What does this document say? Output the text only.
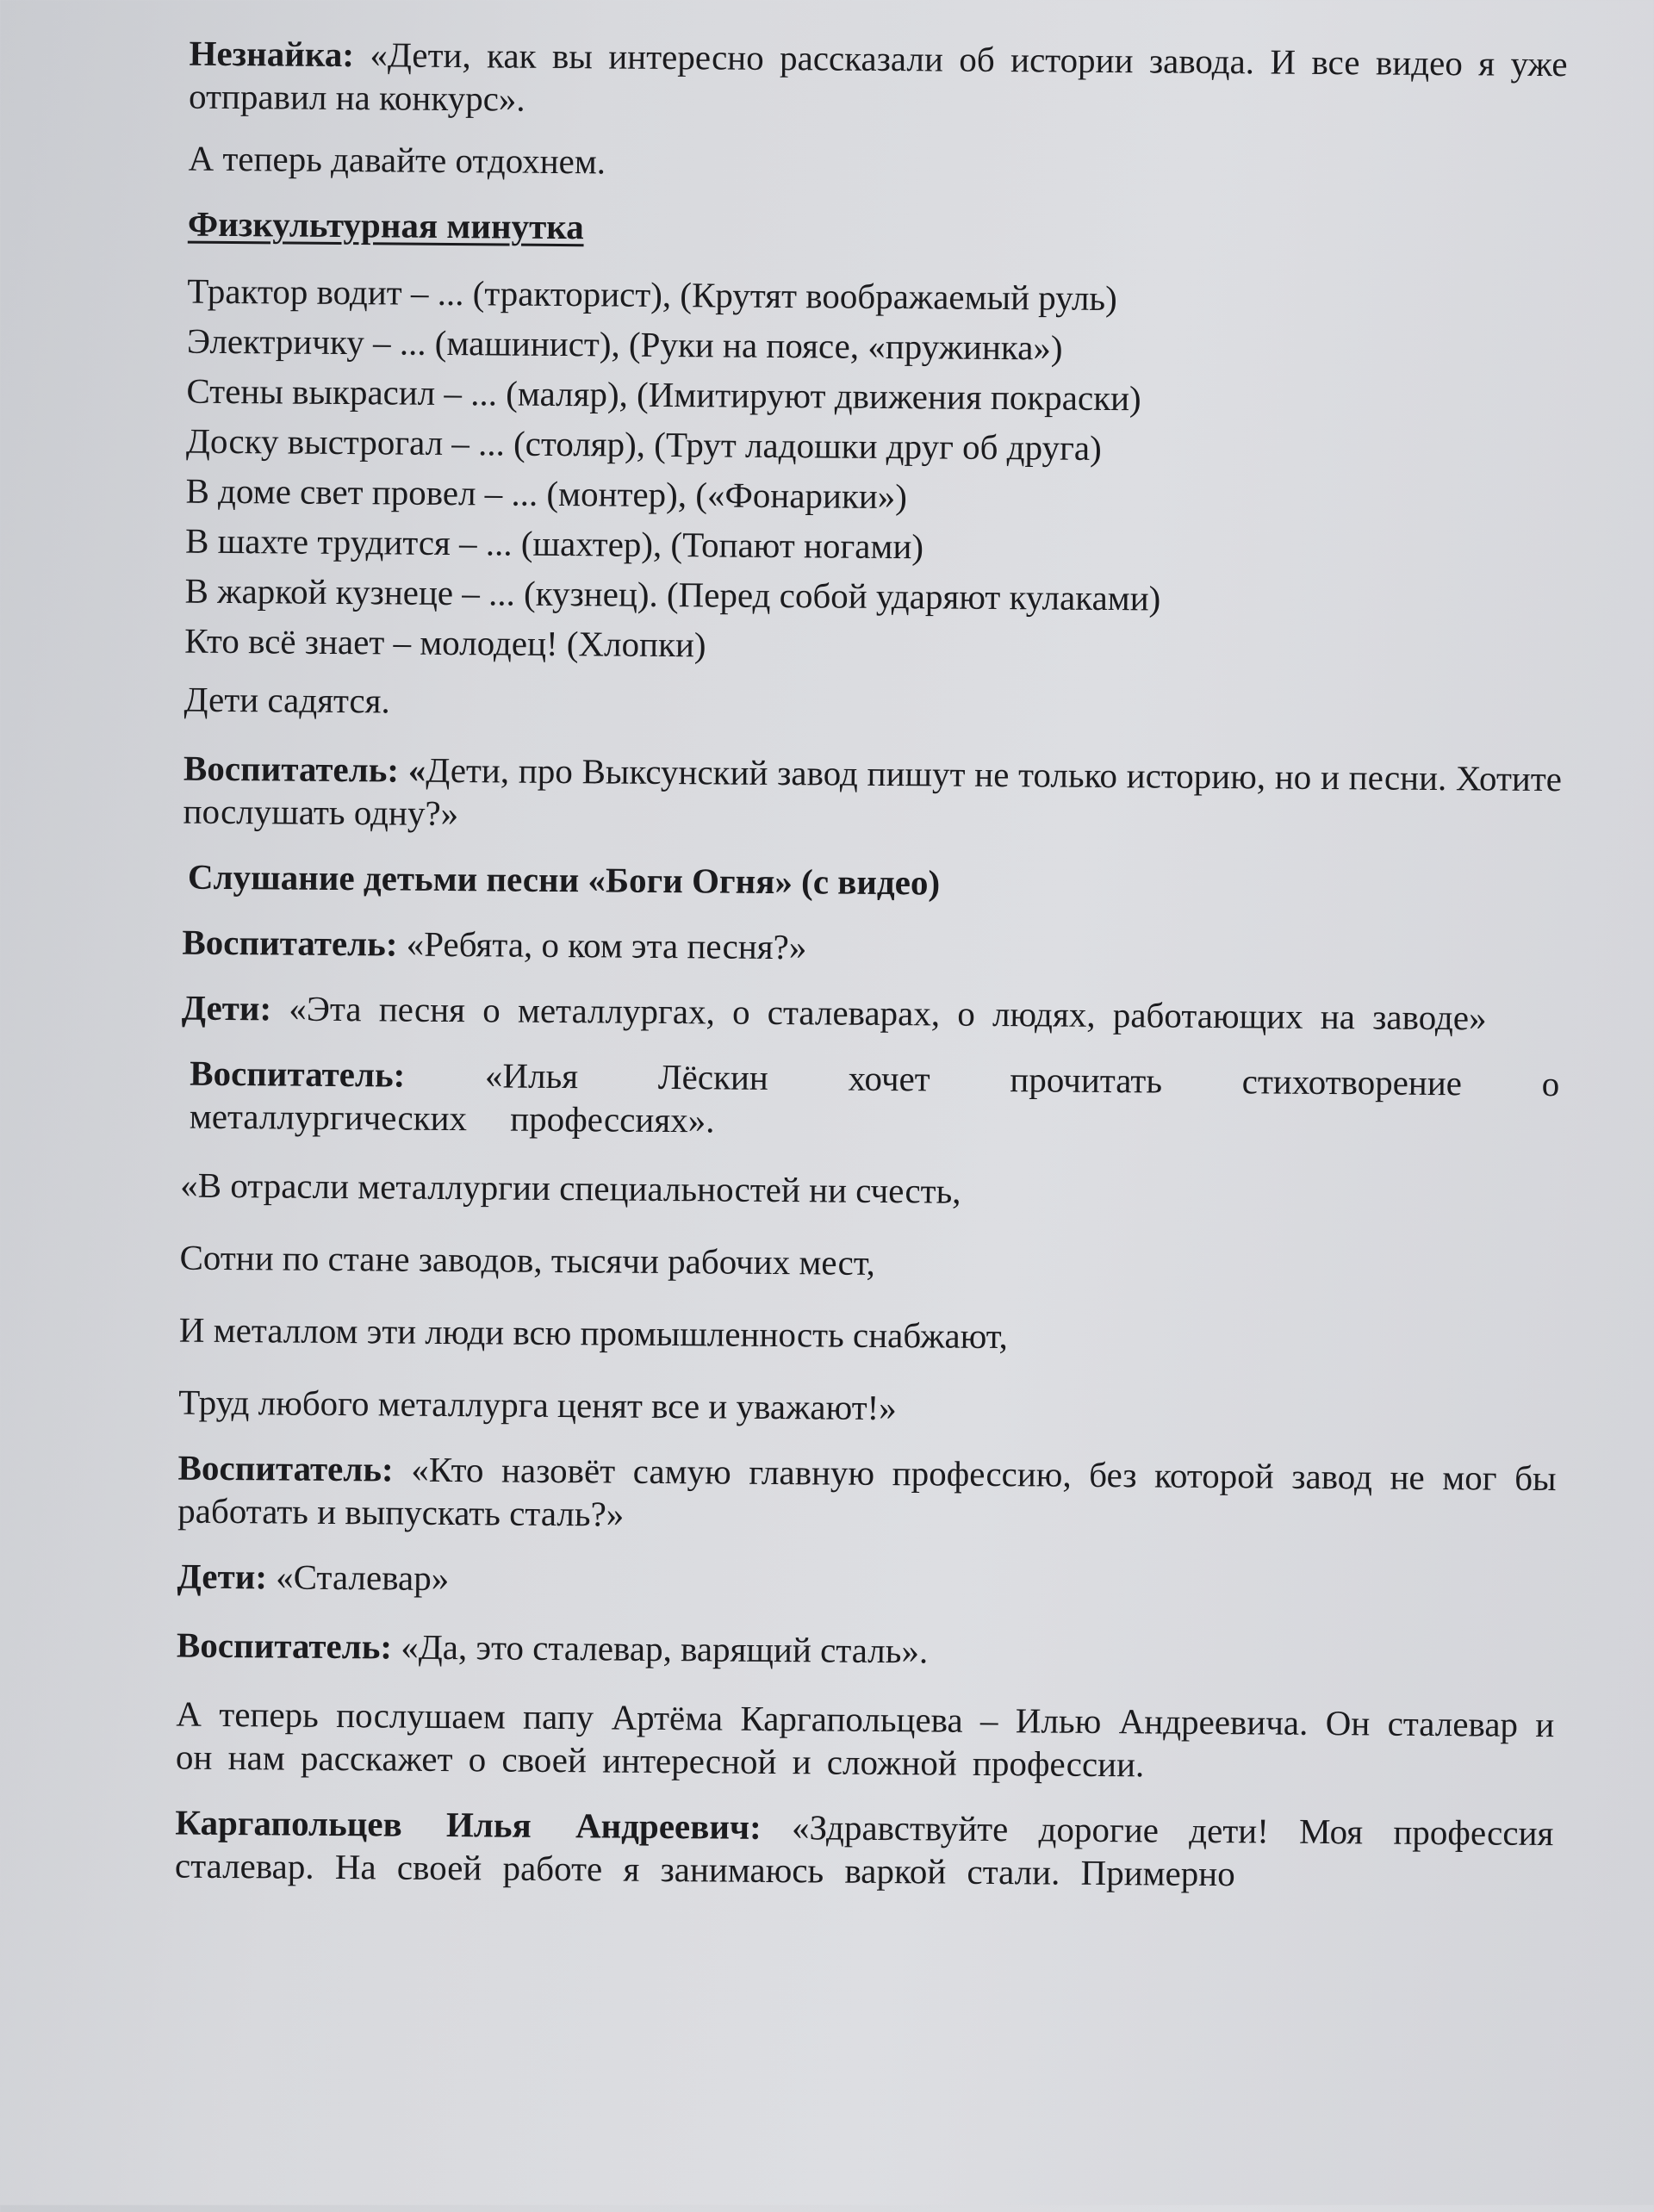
Незнайка: «Дети, как вы интересно рассказали об истории завода. И все видео я уже отправил на конкурс».

А теперь давайте отдохнем.

Физкультурная минутка

Трактор водит – ... (тракторист), (Крутят воображаемый руль)

Электричку – ... (машинист), (Руки на поясе, «пружинка»)

Стены выкрасил – ... (маляр), (Имитируют движения покраски)

Доску выстрогал – ... (столяр), (Трут ладошки друг об друга)

В доме свет провел – ... (монтер), («Фонарики»)

В шахте трудится – ... (шахтер), (Топают ногами)

В жаркой кузнеце – ... (кузнец). (Перед собой ударяют кулаками)

Кто всё знает – молодец! (Хлопки)

Дети садятся.

Воспитатель: «Дети, про Выксунский завод пишут не только историю, но и песни. Хотите послушать одну?»

Слушание детьми песни «Боги Огня» (с видео)

Воспитатель: «Ребята, о ком эта песня?»

Дети: «Эта песня о металлургах, о сталеварах, о людях, работающих на заводе»

Воспитатель: «Илья Лёскин хочет прочитать стихотворение о металлургических профессиях».

«В отрасли металлургии специальностей ни счесть,

Сотни по стане заводов, тысячи рабочих мест,

И металлом эти люди всю промышленность снабжают,

Труд любого металлурга ценят все и уважают!»

Воспитатель: «Кто назовёт самую главную профессию, без которой завод не мог бы работать и выпускать сталь?»

Дети: «Сталевар»

Воспитатель: «Да, это сталевар, варящий сталь».

А теперь послушаем папу Артёма Каргапольцева – Илью Андреевича. Он сталевар и он нам расскажет о своей интересной и сложной профессии.

Каргапольцев Илья Андреевич: «Здравствуйте дорогие дети! Моя профессия сталевар. На своей работе я занимаюсь варкой стали. Примерно
